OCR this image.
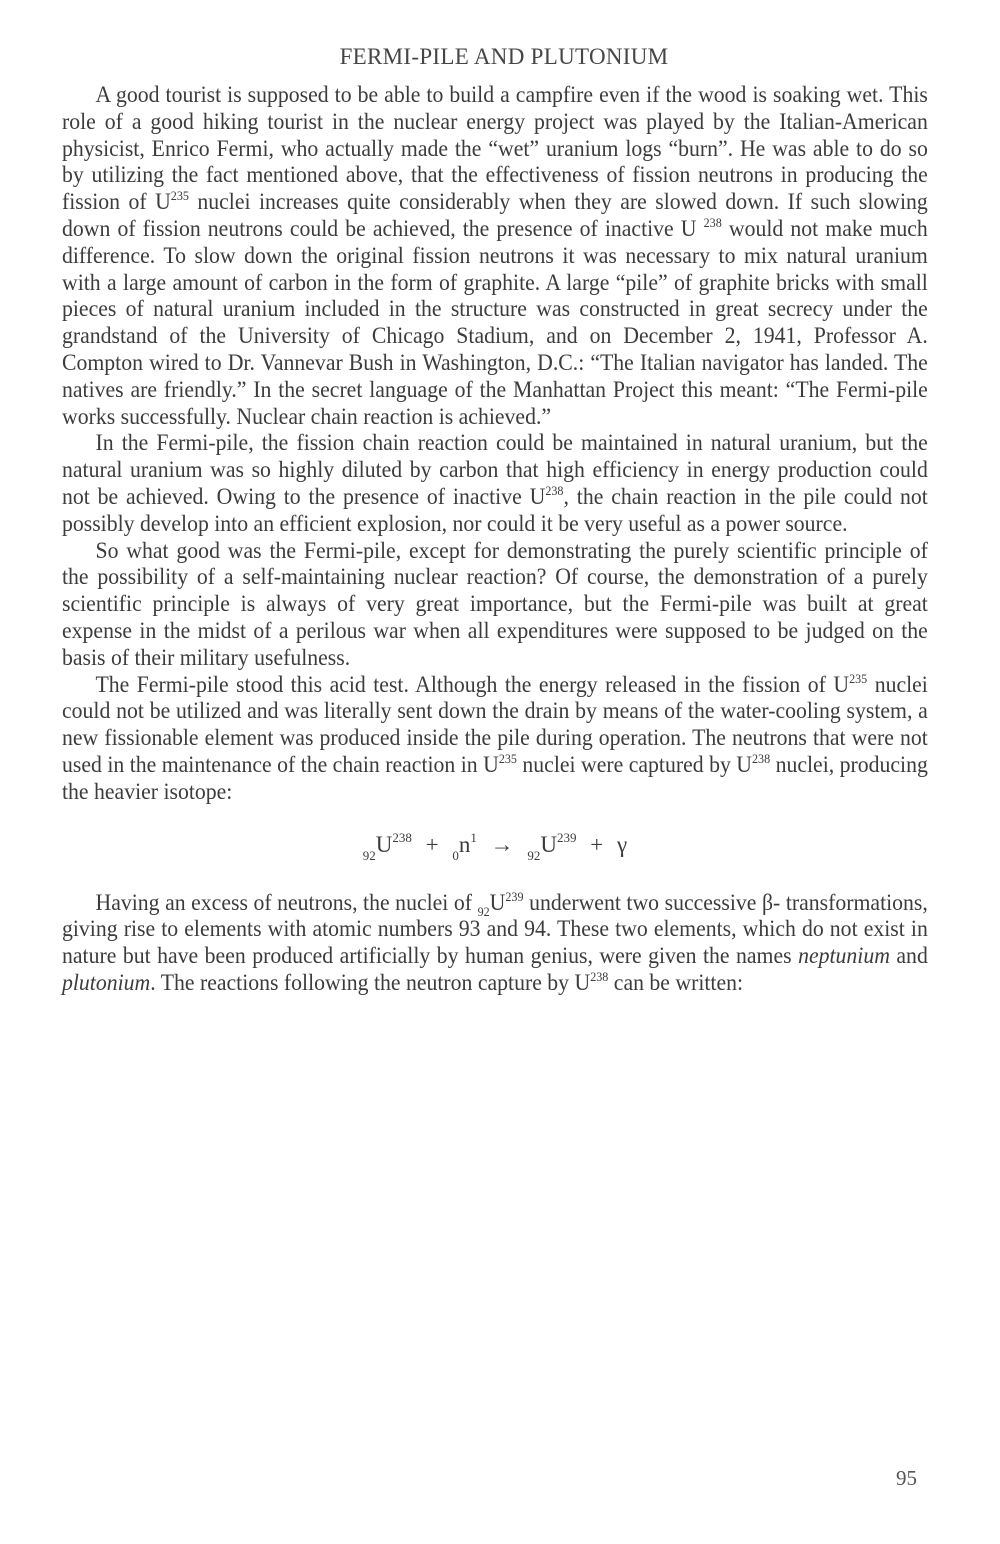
FERMI-PILE AND PLUTONIUM

A good tourist is supposed to be able to build a campfire even if the wood is soaking wet. This role of a good hiking tourist in the nuclear energy project was played by the Italian-American physicist, Enrico Fermi, who actually made the “wet” uranium logs “burn”. He was able to do so by utilizing the fact mentioned above, that the effectiveness of fission neutrons in producing the fission of $U^{235}$ nuclei increases quite considerably when they are slowed down. If such slowing down of fission neutrons could be achieved, the presence of inactive U $^{238}$ would not make much difference. To slow down the original fission neutrons it was necessary to mix natural uranium with a large amount of carbon in the form of graphite. A large “pile” of graphite bricks with small pieces of natural uranium included in the structure was constructed in great secrecy under the grandstand of the University of Chicago Stadium, and on December 2, 1941, Professor A. Compton wired to Dr. Vannevar Bush in Washington, D.C.: “The Italian navigator has landed. The natives are friendly.” In the secret language of the Manhattan Project this meant: “The Fermi-pile works successfully. Nuclear chain reaction is achieved.”

In the Fermi-pile, the fission chain reaction could be maintained in natural uranium, but the natural uranium was so highly diluted by carbon that high efficiency in energy production could not be achieved. Owing to the presence of inactive $U^{238}$, the chain reaction in the pile could not possibly develop into an efficient explosion, nor could it be very useful as a power source.

So what good was the Fermi-pile, except for demonstrating the purely scientific principle of the possibility of a self-maintaining nuclear reaction? Of course, the demonstration of a purely scientific principle is always of very great importance, but the Fermi-pile was built at great expense in the midst of a perilous war when all expenditures were supposed to be judged on the basis of their military usefulness.

The Fermi-pile stood this acid test. Although the energy released in the fission of $U^{235}$ nuclei could not be utilized and was literally sent down the drain by means of the water-cooling system, a new fissionable element was produced inside the pile during operation. The neutrons that were not used in the maintenance of the chain reaction in $U^{235}$ nuclei were captured by $U^{238}$ nuclei, producing the heavier isotope:

$_{92}U^{238} + _0n^1 \to _{92}U^{239} + \gamma$

Having an excess of neutrons, the nuclei of $_{92}U^{239}$ underwent two successive β- transformations, giving rise to elements with atomic numbers 93 and 94. These two elements, which do not exist in nature but have been produced artificially by human genius, were given the names neptunium and plutonium. The reactions following the neutron capture by $U^{238}$ can be written:

95
